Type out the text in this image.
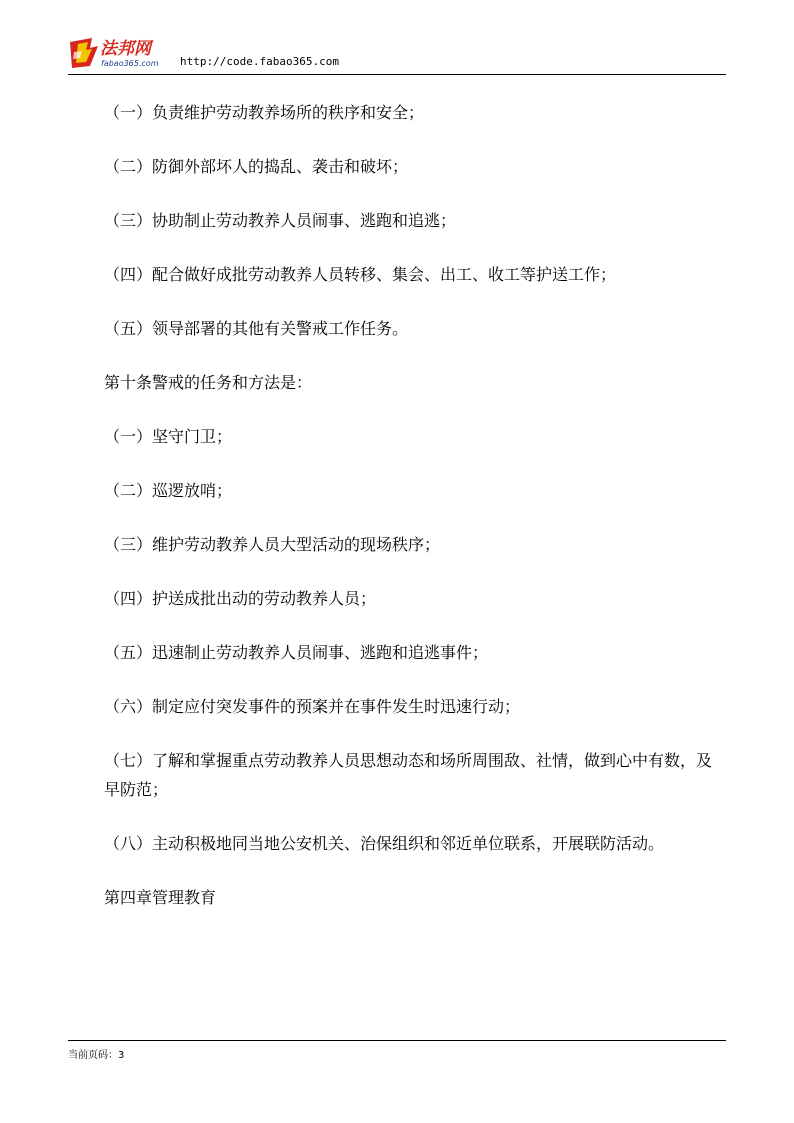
法邦网
fabao365.com http://code.fabao365.com

（一）负责维护劳动教养场所的秩序和安全；

（二）防御外部坏人的捣乱、袭击和破坏；

（三）协助制止劳动教养人员闹事、逃跑和追逃；

（四）配合做好成批劳动教养人员转移、集会、出工、收工等护送工作；

（五）领导部署的其他有关警戒工作任务。

第十条警戒的任务和方法是：

（一）坚守门卫；

（二）巡逻放哨；

（三）维护劳动教养人员大型活动的现场秩序；

（四）护送成批出动的劳动教养人员；

（五）迅速制止劳动教养人员闹事、逃跑和追逃事件；

（六）制定应付突发事件的预案并在事件发生时迅速行动；

（七）了解和掌握重点劳动教养人员思想动态和场所周围敌、社情，做到心中有数，及早防范；

（八）主动积极地同当地公安机关、治保组织和邻近单位联系，开展联防活动。

第四章管理教育

当前页码：3
